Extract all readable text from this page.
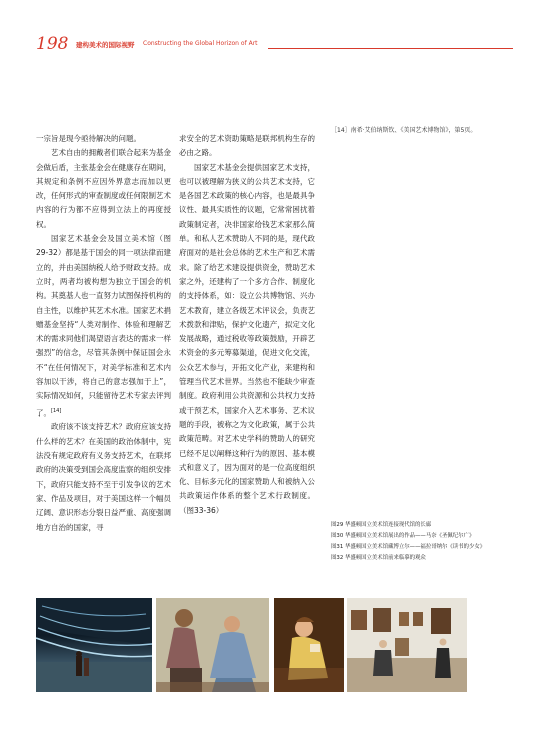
198 建构美术的国际视野 Constructing the Global Horizon of Art

一宗旨是现今亟待解决的问题。

艺术自由的拥戴者们联合起来为基金会做后盾，主张基金会在健康存在期间，其规定和条例不应因外界意志而加以更改，任何形式的审查制度或任何限制艺术内容的行为都不应得到立法上的再度授权。

国家艺术基金会及国立美术馆（图29-32）都是基于国会的同一项法律而建立的，并由美国纳税人给予财政支持。成立时，两者均被构想为独立于国会的机构。其奠基人也一直努力试图保持机构的自主性，以维护其艺术水准。国家艺术捐赠基金坚持“人类对制作、体验和理解艺术的需求同他们渴望语言表达的需求一样强烈”的信念，尽管其条例中保证国会永不“在任何情况下，对美学标准和艺术内容加以干涉，将自己的意志强加于上”，实际情况如何，只能留待艺术专家去评判了。[14]

政府该不该支持艺术？政府应该支持什么样的艺术？在美国的政治体制中，宪法没有规定政府有义务支持艺术，在联邦政府的决策受到国会高度监察的组织安排下，政府只能支持不至于引发争议的艺术家、作品及项目，对于美国这样一个幅员辽阔、意识形态分裂日益严重、高度强调地方自治的国家，寻

求安全的艺术资助策略是联邦机构生存的必由之路。

国家艺术基金会提供国家艺术支持，也可以被理解为狭义的公共艺术支持，它是各国艺术政策的核心内容，也是最具争议性、最具实质性的议题，它常常困扰着政策制定者，决非国家给钱艺术家那么简单。和私人艺术赞助人不同的是，现代政府面对的是社会总体的艺术生产和艺术需求。除了给艺术建设提供资金，赞助艺术家之外，还建构了一个多方合作、制度化的支持体系，如：设立公共博物馆、兴办艺术教育，建立各级艺术评议会，负责艺术拨款和津贴，保护文化遗产，拟定文化发展战略，通过税收等政策鼓励，开辟艺术资金的多元筹募渠道，促进文化交流，公众艺术参与，开拓文化产业，来建构和管理当代艺术世界。当然也不能缺少审查制度。政府利用公共资源和公共权力支持或干预艺术，国家介入艺术事务、艺术议题的手段，被称之为文化政策，属于公共政策范畴。对艺术史学科的赞助人的研究已经不足以阐释这种行为的原因、基本模式和意义了，因为面对的是一位高度组织化、目标多元化的国家赞助人和被纳入公共政策运作体系的整个艺术行政制度。（图33-36）

［14］南希·艾伯纳斯钦、《美国艺术博物馆》，第5页。

图29 华盛顿国立美术馆连接现代馆的长廊

图30 华盛顿国立美术馆展出的作品——马奈《圣佩纪尔广》

图31 华盛顿国立美术馆藏博立尔——福拉哥纳尔《读书的少女》

图32 华盛顿国立美术馆前来临摹的观众
